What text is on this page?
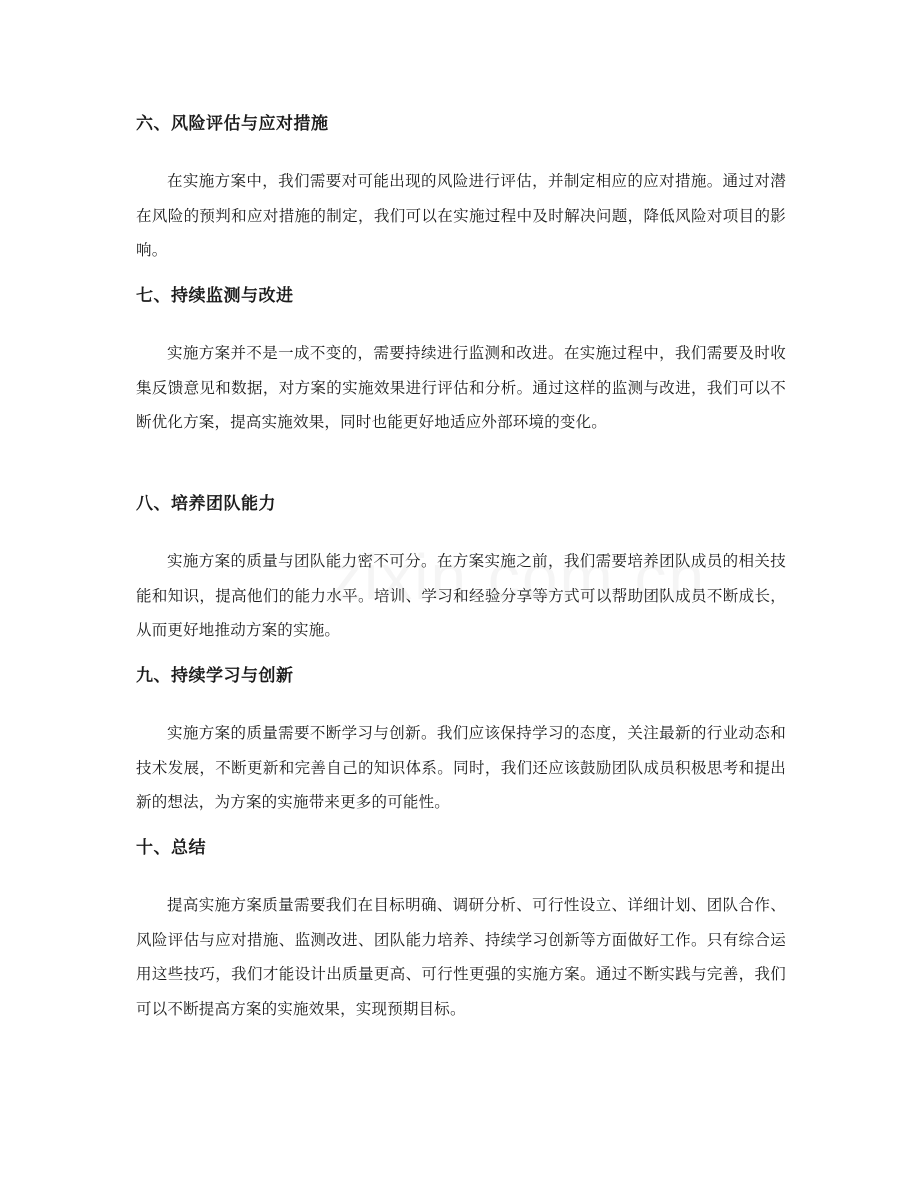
六、风险评估与应对措施

在实施方案中，我们需要对可能出现的风险进行评估，并制定相应的应对措施。通过对潜在风险的预判和应对措施的制定，我们可以在实施过程中及时解决问题，降低风险对项目的影响。

七、持续监测与改进

实施方案并不是一成不变的，需要持续进行监测和改进。在实施过程中，我们需要及时收集反馈意见和数据，对方案的实施效果进行评估和分析。通过这样的监测与改进，我们可以不断优化方案，提高实施效果，同时也能更好地适应外部环境的变化。

八、培养团队能力

实施方案的质量与团队能力密不可分。在方案实施之前，我们需要培养团队成员的相关技能和知识，提高他们的能力水平。培训、学习和经验分享等方式可以帮助团队成员不断成长，从而更好地推动方案的实施。

九、持续学习与创新

实施方案的质量需要不断学习与创新。我们应该保持学习的态度，关注最新的行业动态和技术发展，不断更新和完善自己的知识体系。同时，我们还应该鼓励团队成员积极思考和提出新的想法，为方案的实施带来更多的可能性。

十、总结

提高实施方案质量需要我们在目标明确、调研分析、可行性设立、详细计划、团队合作、风险评估与应对措施、监测改进、团队能力培养、持续学习创新等方面做好工作。只有综合运用这些技巧，我们才能设计出质量更高、可行性更强的实施方案。通过不断实践与完善，我们可以不断提高方案的实施效果，实现预期目标。
